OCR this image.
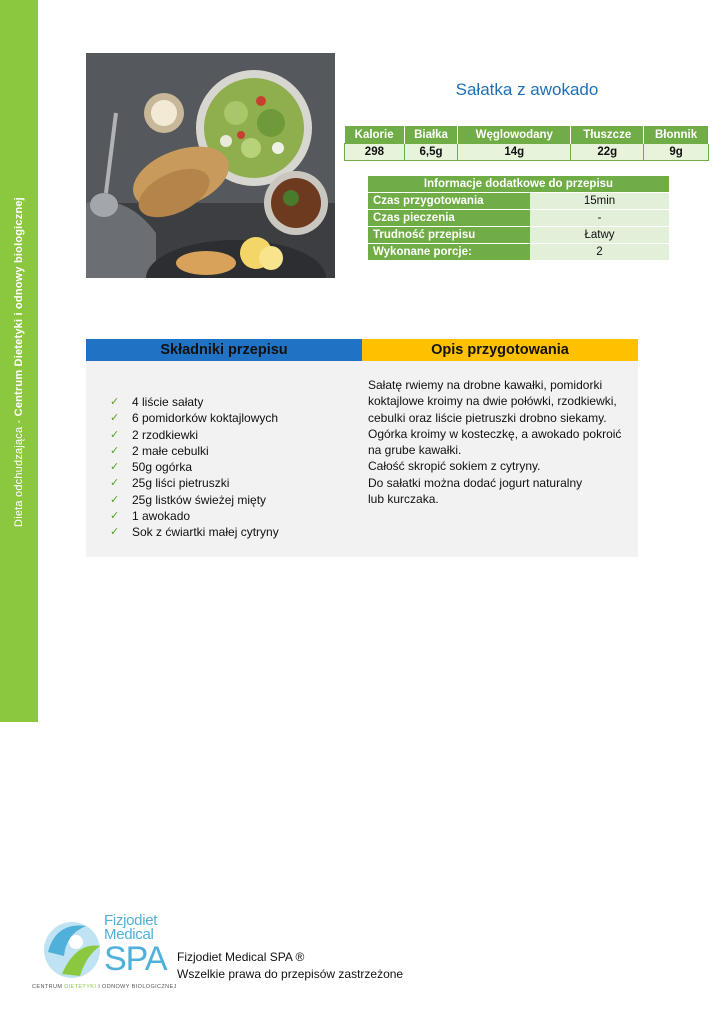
Dieta odchudzająca - Centrum Dietetyki i odnowy biologicznej
Sałatka z awokado
Kalorie	Białka	Węglowodany	Tłuszcze	Błonnik
298	6,5g	14g	22g	9g
Informacje dodatkowe do przepisu	
Czas przygotowania	15min
Czas pieczenia	-
Trudność przepisu	Łatwy
Wykonane porcje:	2
Składniki przepisu	Opis przygotowania
✓	4 liście sałaty
✓	6 pomidorków koktajlowych
✓	2 rzodkiewki
✓	2 małe cebulki
✓	50g ogórka
✓	25g liści pietruszki
✓	25g listków świeżej mięty
✓	1 awokado
✓	Sok z ćwiartki małej cytryny

Sałatę rwiemy na drobne kawałki, pomidorki
koktajlowe kroimy na dwie połówki, rzodkiewki,
cebulki oraz liście pietruszki drobno siekamy.
Ogórka kroimy w kosteczkę, a awokado pokroić
na grube kawałki.
Całość skropić sokiem z cytryny.
Do sałatki można dodać jogurt naturalny
lub kurczaka.

Fizjodiet
Medical
SPA
CENTRUM DIETETYKI I ODNOWY BIOLOGICZNEJ
Fizjodiet Medical SPA ®
Wszelkie prawa do przepisów zastrzeżone
